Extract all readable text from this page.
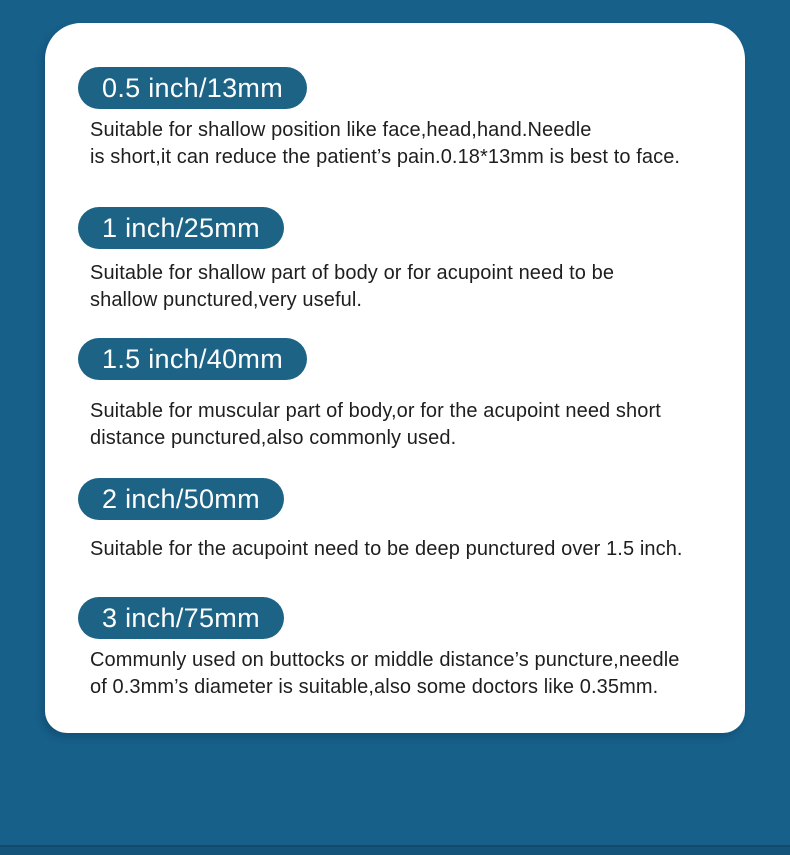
0.5 inch/13mm
Suitable for shallow position like face,head,hand.Needle
is short,it can reduce the patient’s pain.0.18*13mm is best to face.
1 inch/25mm
Suitable for shallow part of body or for acupoint need to be
shallow punctured,very useful.
1.5 inch/40mm
Suitable for muscular part of body,or for the acupoint need short
distance punctured,also commonly used.
2 inch/50mm
Suitable for the acupoint need to be deep punctured over 1.5 inch.
3 inch/75mm
Communly used on buttocks or middle distance’s puncture,needle
of 0.3mm’s diameter is suitable,also some doctors like 0.35mm.
